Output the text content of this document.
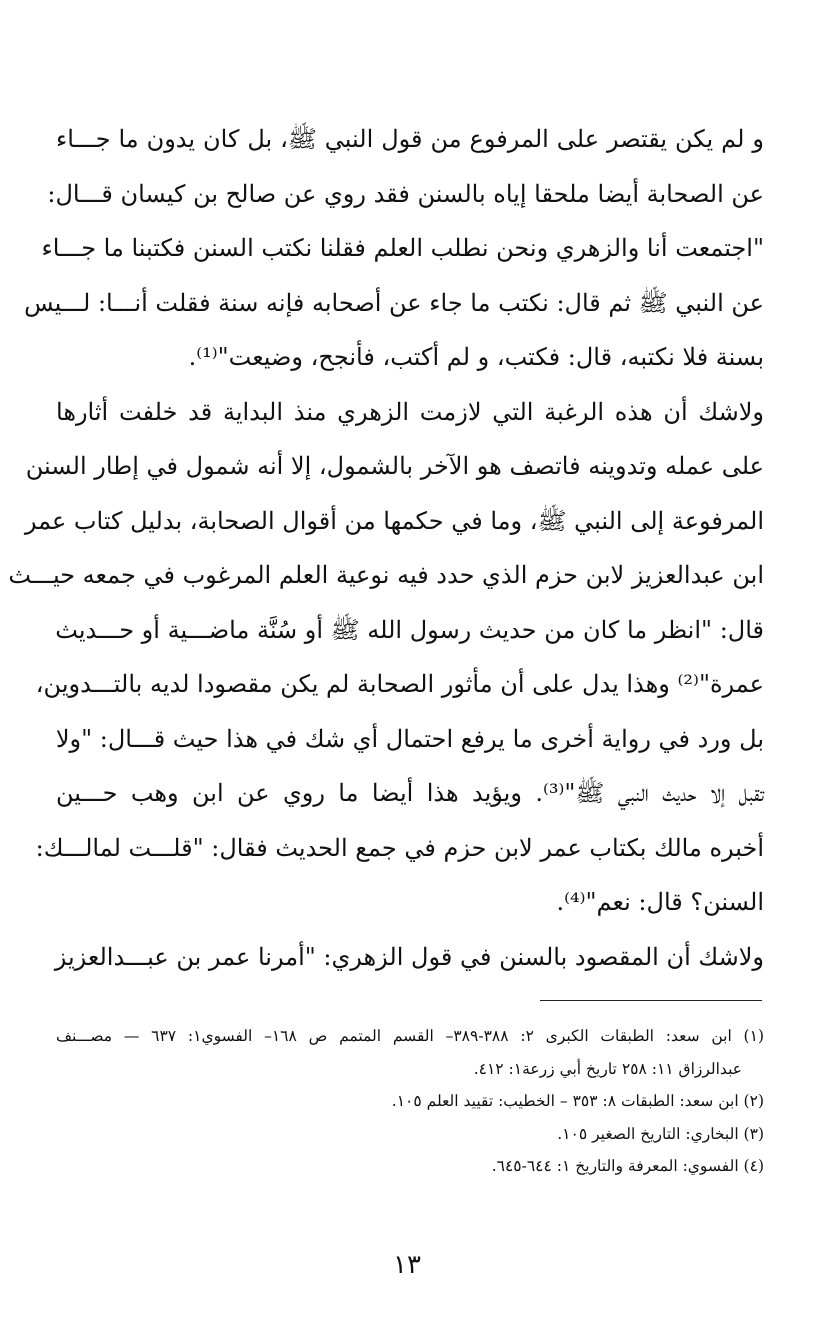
و لم يكن يقتصر على المرفوع من قول النبي ﷺ، بل كان يدون ما جـــاء
عن الصحابة أيضا ملحقا إياه بالسنن فقد روي عن صالح بن كيسان قـــال:
"اجتمعت أنا والزهري ونحن نطلب العلم فقلنا نكتب السنن فكتبنا ما جـــاء
عن النبي ﷺ ثم قال: نكتب ما جاء عن أصحابه فإنه سنة فقلت أنـــا: لـــيس
بسنة فلا نكتبه، قال: فكتب، و لم أكتب، فأنجح، وضيعت"⁽¹⁾.
ولاشك أن هذه الرغبة التي لازمت الزهري منذ البداية قد خلفت أثارها
على عمله وتدوينه فاتصف هو الآخر بالشمول، إلا أنه شمول في إطار السنن
المرفوعة إلى النبي ﷺ، وما في حكمها من أقوال الصحابة، بدليل كتاب عمر
ابن عبدالعزيز لابن حزم الذي حدد فيه نوعية العلم المرغوب في جمعه حيـــث
قال: "انظر ما كان من حديث رسول الله ﷺ أو سُنَّة ماضـــية أو حـــديث
عمرة"⁽²⁾ وهذا يدل على أن مأثور الصحابة لم يكن مقصودا لديه بالتـــدوين،
بل ورد في رواية أخرى ما يرفع احتمال أي شك في هذا حيث قـــال: "ولا
تقبل إلا حديث النبي ﷺ"⁽³⁾. ويؤيد هذا أيضا ما روي عن ابن وهب حـــين
أخبره مالك بكتاب عمر لابن حزم في جمع الحديث فقال: "قلـــت لمالـــك:
السنن؟ قال: نعم"⁽⁴⁾.
ولاشك أن المقصود بالسنن في قول الزهري: "أمرنا عمر بن عبـــدالعزيز
(١) ابن سعد: الطبقات الكبرى ٢: ٣٨٨-٣٨٩– القسم المتمم ص ١٦٨– الفسوي١: ٦٣٧ — مصـــنف
عبدالرزاق ١١: ٢٥٨ تاريخ أبي زرعة١: ٤١٢.
(٢) ابن سعد: الطبقات ٨: ٣٥٣ – الخطيب: تقييد العلم ١٠٥.
(٣) البخاري: التاريخ الصغير ١٠٥.
(٤) الفسوي: المعرفة والتاريخ ١: ٦٤٤-٦٤٥.
١٣
